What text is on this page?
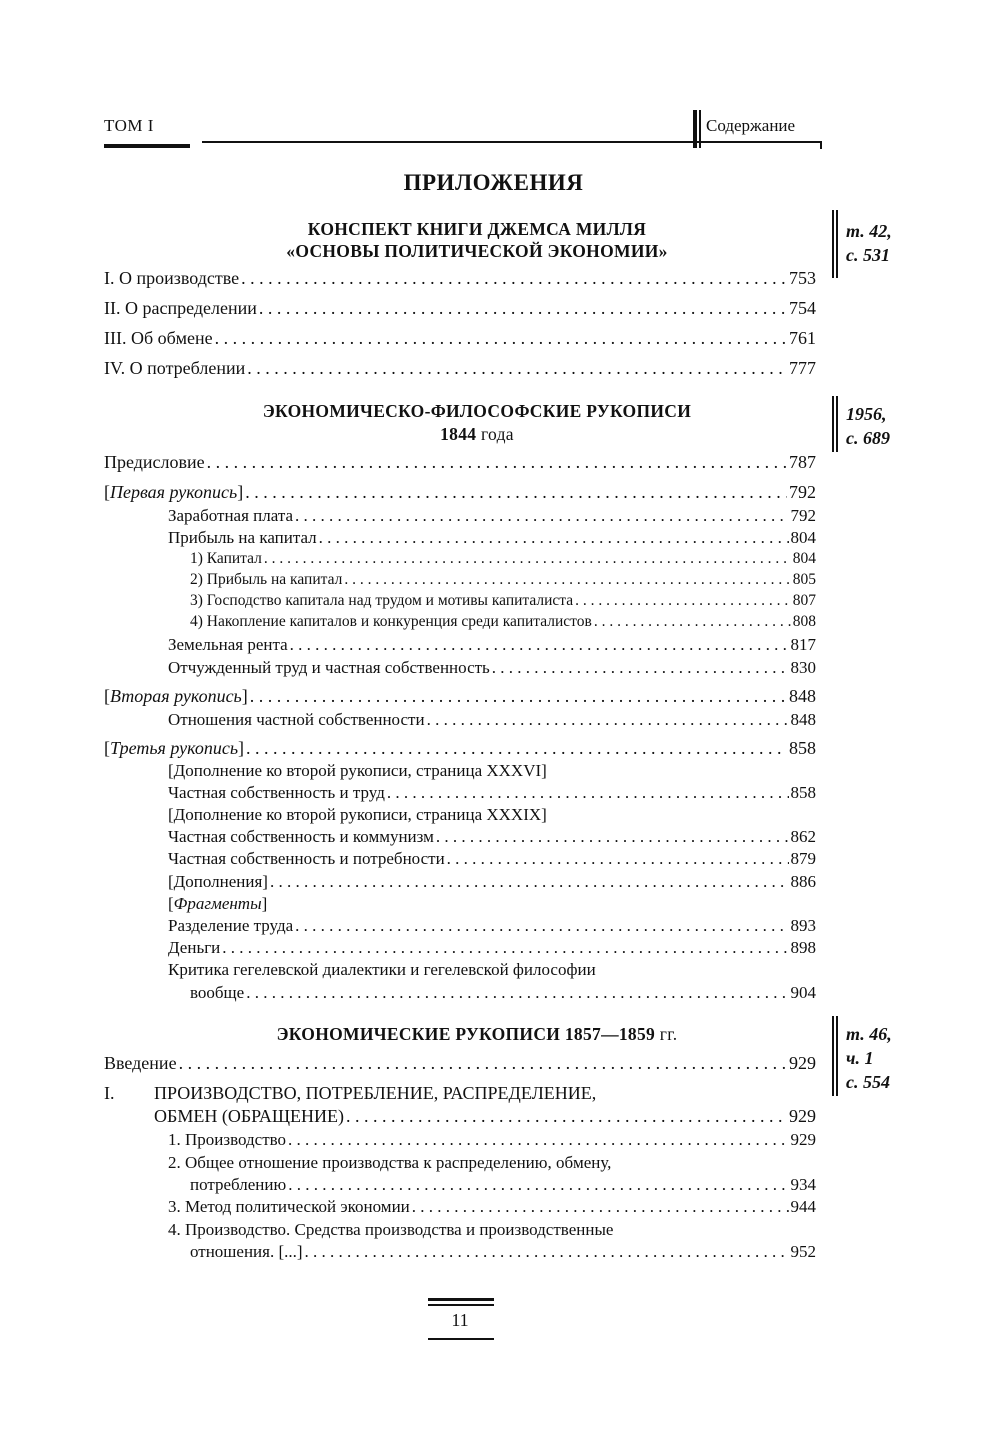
ТОМ I	Содержание
ПРИЛОЖЕНИЯ
КОНСПЕКТ КНИГИ ДЖЕМСА МИЛЛЯ
«ОСНОВЫ ПОЛИТИЧЕСКОЙ ЭКОНОМИИ»
т. 42,
с. 531
I. О производстве . . .	753
II. О распределении . . .	754
III. Об обмене . . .	761
IV. О потреблении . . .	777
ЭКОНОМИЧЕСКО-ФИЛОСОФСКИЕ РУКОПИСИ
1844 года
1956,
с. 689
Предисловие . . .	787
[Первая рукопись] . . .	792
Заработная плата . . .	792
Прибыль на капитал . . .	804
1) Капитал . . .	804
2) Прибыль на капитал . . .	805
3) Господство капитала над трудом и мотивы капиталиста . . .	807
4) Накопление капиталов и конкуренция среди капиталистов . . .	808
Земельная рента . . .	817
Отчужденный труд и частная собственность . . .	830
[Вторая рукопись] . . .	848
Отношения частной собственности . . .	848
[Третья рукопись] . . .	858
[Дополнение ко второй рукописи, страница XXXVI]
Частная собственность и труд . . .	858
[Дополнение ко второй рукописи, страница XXXIX]
Частная собственность и коммунизм . . .	862
Частная собственность и потребности . . .	879
[Дополнения] . . .	886
[Фрагменты]
Разделение труда . . .	893
Деньги . . .	898
Критика гегелевской диалектики и гегелевской философии
вообще . . .	904
ЭКОНОМИЧЕСКИЕ РУКОПИСИ 1857—1859 гг.	т. 46,
ч. 1
с. 554
Введение . . .	929
I. ПРОИЗВОДСТВО, ПОТРЕБЛЕНИЕ, РАСПРЕДЕЛЕНИЕ,
ОБМЕН (ОБРАЩЕНИЕ) . . .	929
1. Производство . . .	929
2. Общее отношение производства к распределению, обмену,
потреблению . . .	934
3. Метод политической экономии . . .	944
4. Производство. Средства производства и производственные
отношения. [...] . . .	952
11
